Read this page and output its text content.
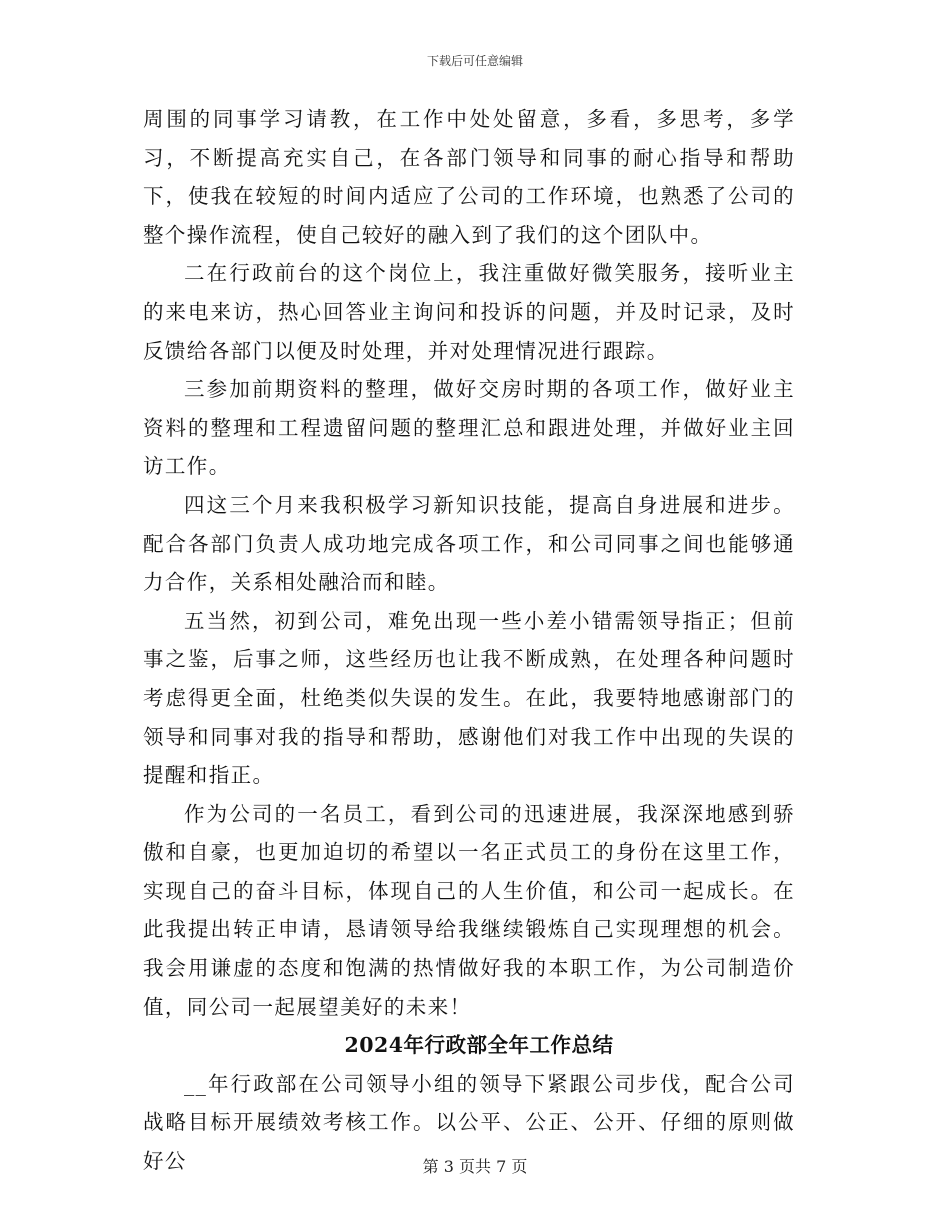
下载后可任意编辑

周围的同事学习请教，在工作中处处留意，多看，多思考，多学习，不断提高充实自己，在各部门领导和同事的耐心指导和帮助下，使我在较短的时间内适应了公司的工作环境，也熟悉了公司的整个操作流程，使自己较好的融入到了我们的这个团队中。

二在行政前台的这个岗位上，我注重做好微笑服务，接听业主的来电来访，热心回答业主询问和投诉的问题，并及时记录，及时反馈给各部门以便及时处理，并对处理情况进行跟踪。

三参加前期资料的整理，做好交房时期的各项工作，做好业主资料的整理和工程遗留问题的整理汇总和跟进处理，并做好业主回访工作。

四这三个月来我积极学习新知识技能，提高自身进展和进步。配合各部门负责人成功地完成各项工作，和公司同事之间也能够通力合作，关系相处融洽而和睦。

五当然，初到公司，难免出现一些小差小错需领导指正；但前事之鉴，后事之师，这些经历也让我不断成熟，在处理各种问题时考虑得更全面，杜绝类似失误的发生。在此，我要特地感谢部门的领导和同事对我的指导和帮助，感谢他们对我工作中出现的失误的提醒和指正。

作为公司的一名员工，看到公司的迅速进展，我深深地感到骄傲和自豪，也更加迫切的希望以一名正式员工的身份在这里工作，实现自己的奋斗目标，体现自己的人生价值，和公司一起成长。在此我提出转正申请，恳请领导给我继续锻炼自己实现理想的机会。我会用谦虚的态度和饱满的热情做好我的本职工作，为公司制造价值，同公司一起展望美好的未来！

2024年行政部全年工作总结

__年行政部在公司领导小组的领导下紧跟公司步伐，配合公司战略目标开展绩效考核工作。以公平、公正、公开、仔细的原则做好公	第 3 页共 7 页
